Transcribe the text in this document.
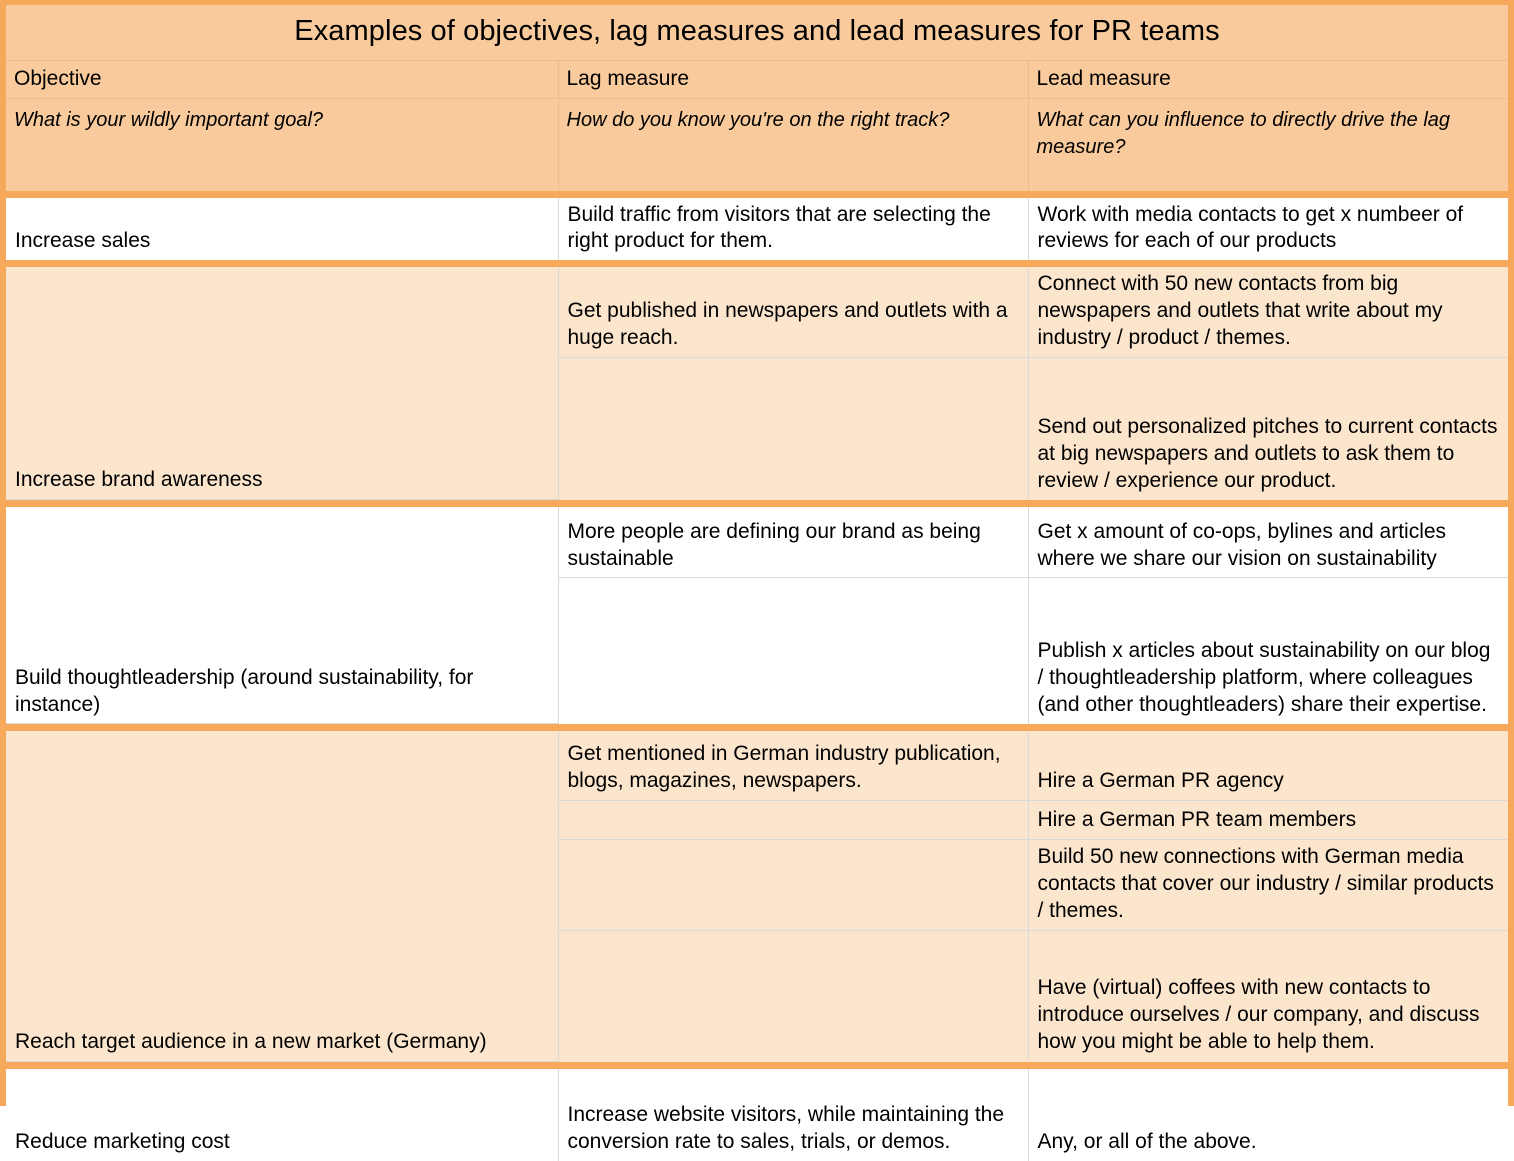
Examples of objectives, lag measures and lead measures for PR teams		
Objective	Lag measure	Lead measure
What is your wildly important goal?	How do you know you're on the right track?	What can you influence to directly drive the lag measure?
Increase sales	Build traffic from visitors that are selecting the right product for them.	Work with media contacts to get x numbeer of reviews for each of our products
Increase brand awareness	Get published in newspapers and outlets with a huge reach.	Connect with 50 new contacts from big newspapers and outlets that write about my industry / product / themes.
		Send out personalized pitches to current contacts at big newspapers and outlets to ask them to review / experience our product.
Build thoughtleadership (around sustainability, for instance)	More people are defining our brand as being sustainable	Get x amount of co-ops, bylines and articles where we share our vision on sustainability
		Publish x articles about sustainability on our blog / thoughtleadership platform, where colleagues (and other thoughtleaders) share their expertise.
Reach target audience in a new market (Germany)	Get mentioned in German industry publication, blogs, magazines, newspapers.	Hire a German PR agency
		Hire a German PR team members
		Build 50 new connections with German media contacts that cover our industry / similar products / themes.
		Have (virtual) coffees with new contacts to introduce ourselves / our company, and discuss how you might be able to help them.
Reduce marketing cost	Increase website visitors, while maintaining the conversion rate to sales, trials, or demos.	Any, or all of the above.
